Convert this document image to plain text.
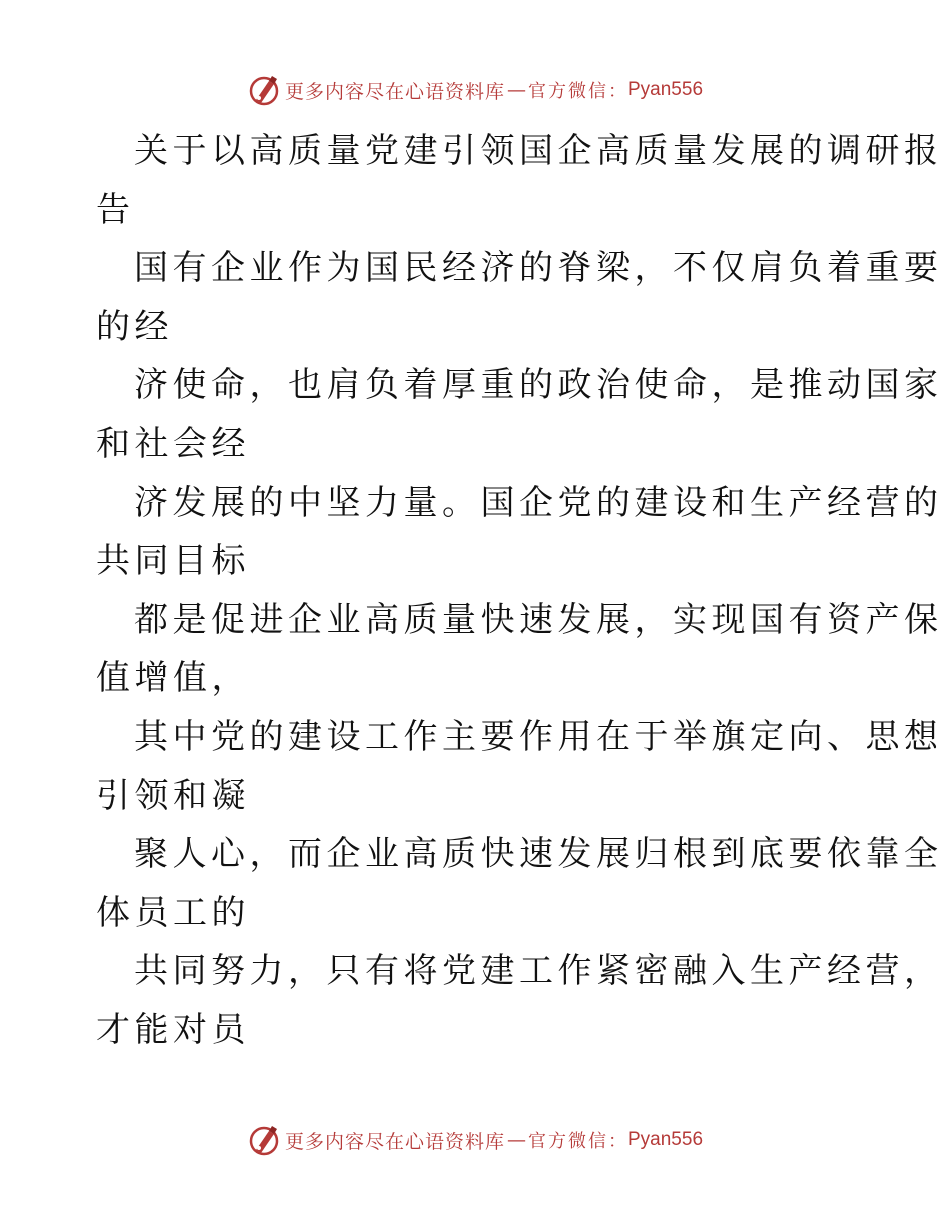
更多内容尽在心语资料库 — 官方微信： Pyan556
关于以高质量党建引领国企高质量发展的调研报
告
国有企业作为国民经济的脊梁，不仅肩负着重要
的经
济使命，也肩负着厚重的政治使命，是推动国家
和社会经
济发展的中坚力量。国企党的建设和生产经营的
共同目标
都是促进企业高质量快速发展，实现国有资产保
值增值，
其中党的建设工作主要作用在于举旗定向、思想
引领和凝
聚人心，而企业高质快速发展归根到底要依靠全
体员工的
共同努力，只有将党建工作紧密融入生产经营，
才能对员
更多内容尽在心语资料库 — 官方微信： Pyan556
